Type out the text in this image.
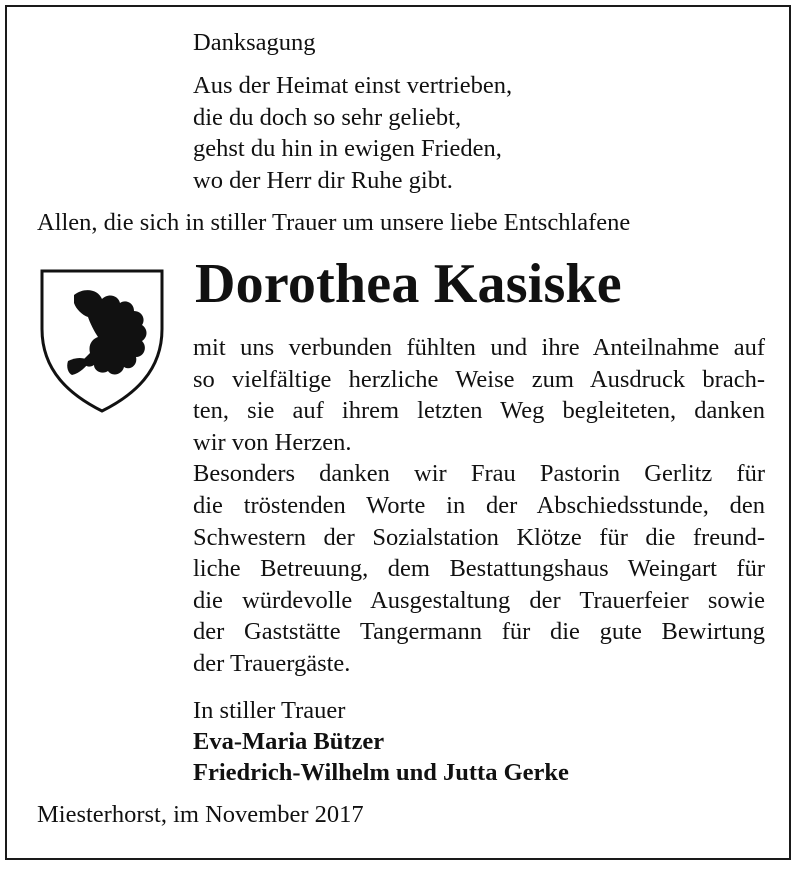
Danksagung
Aus der Heimat einst vertrieben,
die du doch so sehr geliebt,
gehst du hin in ewigen Frieden,
wo der Herr dir Ruhe gibt.
Allen, die sich in stiller Trauer um unsere liebe Entschlafene
Dorothea Kasiske
mit uns verbunden fühlten und ihre Anteilnahme auf
so vielfältige herzliche Weise zum Ausdruck brach-
ten, sie auf ihrem letzten Weg begleiteten, danken
wir von Herzen.
Besonders danken wir Frau Pastorin Gerlitz für
die tröstenden Worte in der Abschiedsstunde, den
Schwestern der Sozialstation Klötze für die freund-
liche Betreuung, dem Bestattungshaus Weingart für
die würdevolle Ausgestaltung der Trauerfeier sowie
der Gaststätte Tangermann für die gute Bewirtung
der Trauergäste.
In stiller Trauer
Eva-Maria Bützer
Friedrich-Wilhelm und Jutta Gerke
Miesterhorst, im November 2017
